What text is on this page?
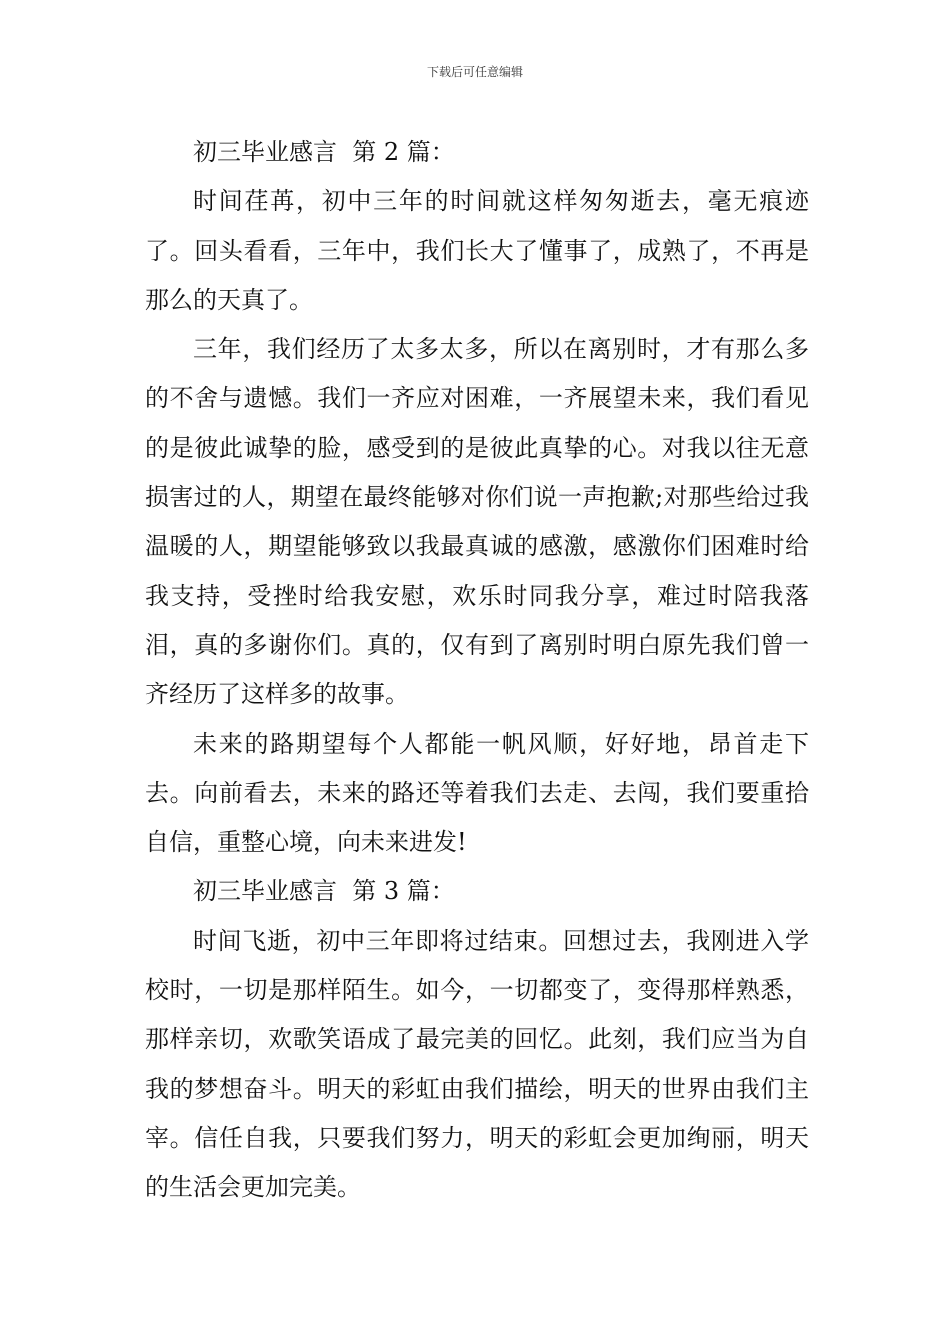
下载后可任意编辑

初三毕业感言  第 2 篇：

时间荏苒，初中三年的时间就这样匆匆逝去，毫无痕迹了。回头看看，三年中，我们长大了懂事了，成熟了，不再是那么的天真了。

三年，我们经历了太多太多，所以在离别时，才有那么多的不舍与遗憾。我们一齐应对困难，一齐展望未来，我们看见的是彼此诚挚的脸，感受到的是彼此真挚的心。对我以往无意损害过的人，期望在最终能够对你们说一声抱歉;对那些给过我温暖的人，期望能够致以我最真诚的感激，感激你们困难时给我支持，受挫时给我安慰，欢乐时同我分享，难过时陪我落泪，真的多谢你们。真的，仅有到了离别时明白原先我们曾一齐经历了这样多的故事。

未来的路期望每个人都能一帆风顺，好好地，昂首走下去。向前看去，未来的路还等着我们去走、去闯，我们要重拾自信，重整心境，向未来进发!

初三毕业感言  第 3 篇：

时间飞逝，初中三年即将过结束。回想过去，我刚进入学校时，一切是那样陌生。如今，一切都变了，变得那样熟悉，那样亲切，欢歌笑语成了最完美的回忆。此刻，我们应当为自我的梦想奋斗。明天的彩虹由我们描绘，明天的世界由我们主宰。信任自我，只要我们努力，明天的彩虹会更加绚丽，明天的生活会更加完美。
